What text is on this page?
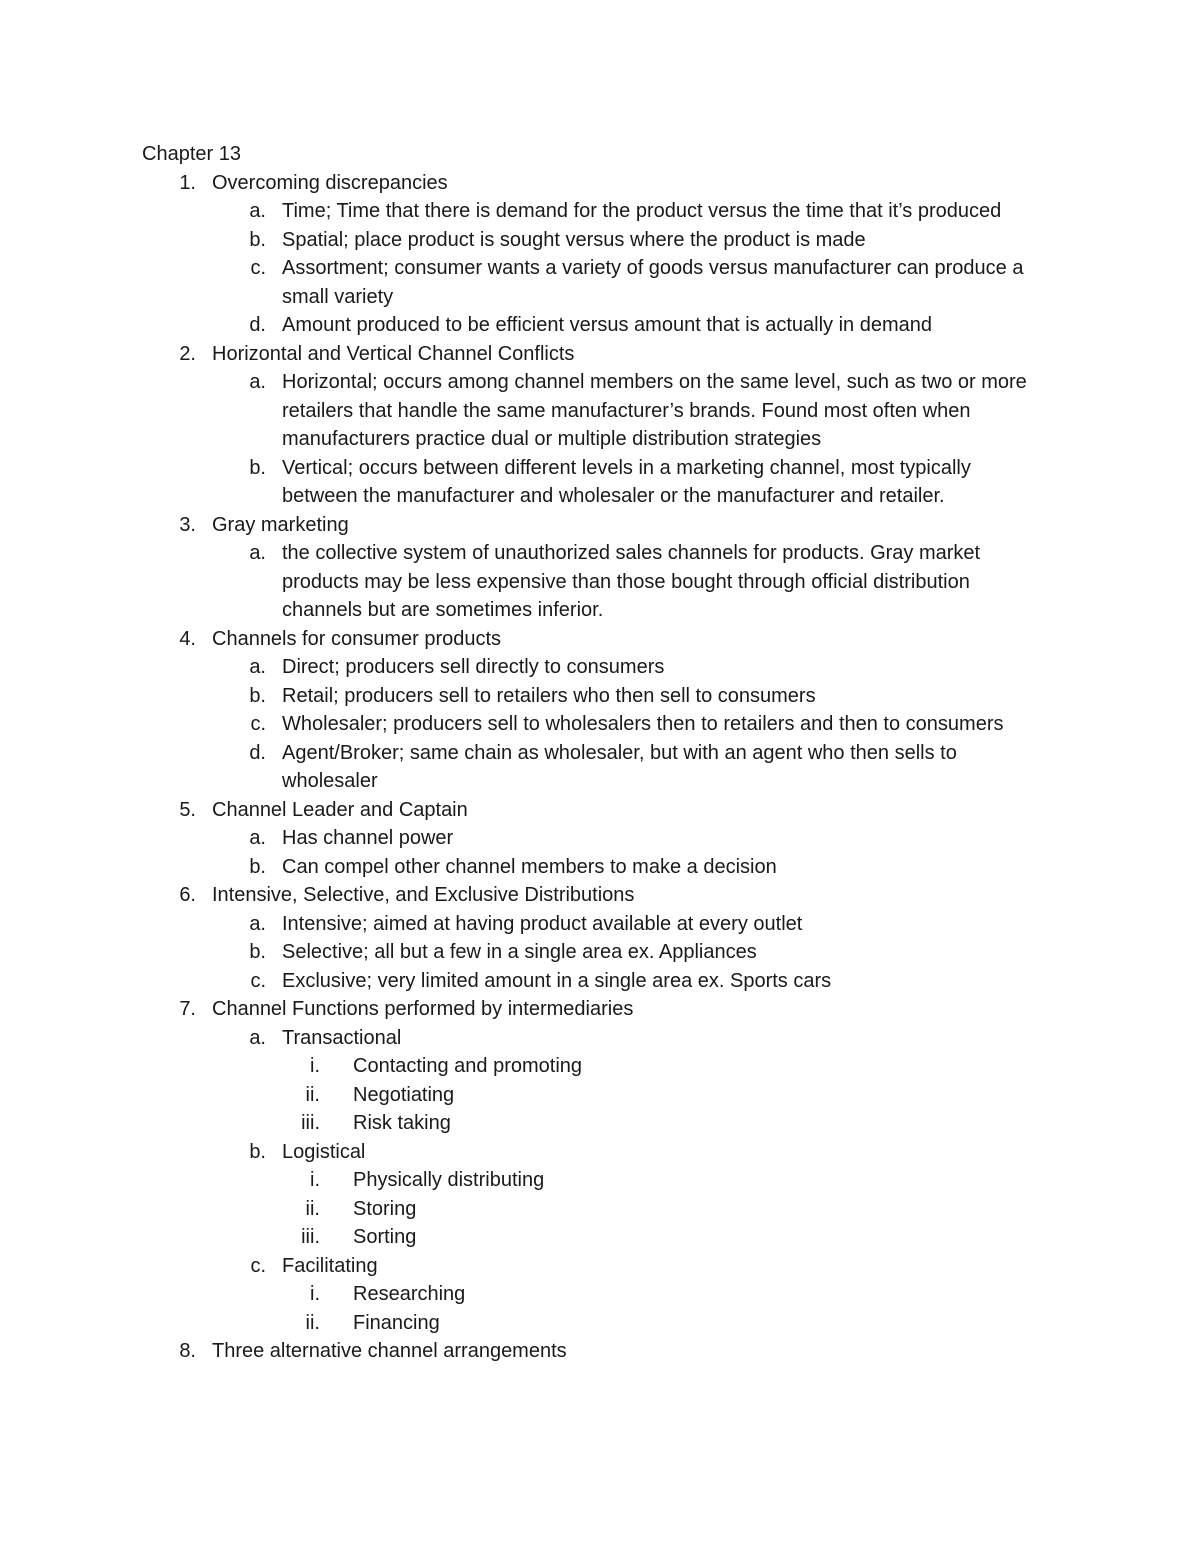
Chapter 13
1. Overcoming discrepancies
a. Time; Time that there is demand for the product versus the time that it’s produced
b. Spatial; place product is sought versus where the product is made
c. Assortment; consumer wants a variety of goods versus manufacturer can produce a small variety
d. Amount produced to be efficient versus amount that is actually in demand
2. Horizontal and Vertical Channel Conflicts
a. Horizontal; occurs among channel members on the same level, such as two or more retailers that handle the same manufacturer’s brands. Found most often when manufacturers practice dual or multiple distribution strategies
b. Vertical; occurs between different levels in a marketing channel, most typically between the manufacturer and wholesaler or the manufacturer and retailer.
3. Gray marketing
a. the collective system of unauthorized sales channels for products. Gray market products may be less expensive than those bought through official distribution channels but are sometimes inferior.
4. Channels for consumer products
a. Direct; producers sell directly to consumers
b. Retail; producers sell to retailers who then sell to consumers
c. Wholesaler; producers sell to wholesalers then to retailers and then to consumers
d. Agent/Broker; same chain as wholesaler, but with an agent who then sells to wholesaler
5. Channel Leader and Captain
a. Has channel power
b. Can compel other channel members to make a decision
6. Intensive, Selective, and Exclusive Distributions
a. Intensive; aimed at having product available at every outlet
b. Selective; all but a few in a single area ex. Appliances
c. Exclusive; very limited amount in a single area ex. Sports cars
7. Channel Functions performed by intermediaries
a. Transactional
i. Contacting and promoting
ii. Negotiating
iii. Risk taking
b. Logistical
i. Physically distributing
ii. Storing
iii. Sorting
c. Facilitating
i. Researching
ii. Financing
8. Three alternative channel arrangements
